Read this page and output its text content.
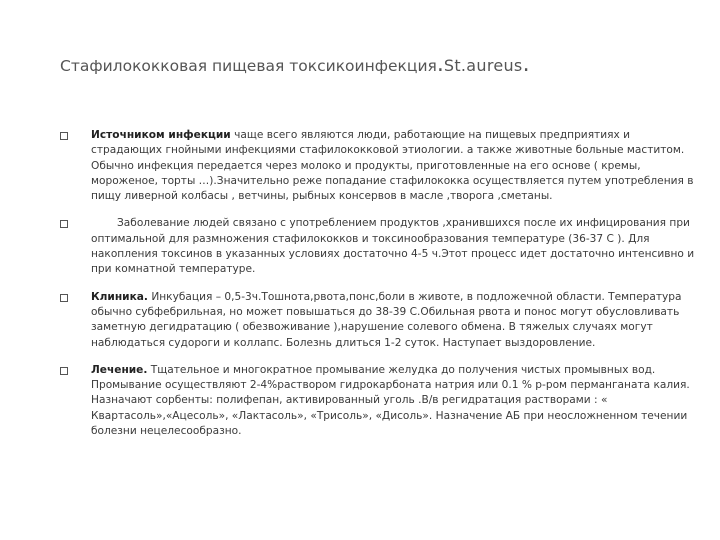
Стафилококковая пищевая токсикоинфекция.St.aureus.
Источником инфекции чаще всего являются люди, работающие на пищевых предприятиях и страдающих гнойными инфекциями стафилококковой этиологии. а также животные больные маститом. Обычно инфекция передается через молоко и продукты, приготовленные на его основе ( кремы, мороженое, торты …).Значительно реже попадание стафилококка осуществляется путем употребления в пищу ливерной колбасы , ветчины, рыбных консервов в масле ,творога ,сметаны.
Заболевание людей связано с употреблением продуктов ,хранившихся после их инфицирования при оптимальной для размножения стафилококков и токсинообразования температуре (36-37 С ). Для накопления токсинов в указанных условиях достаточно 4-5 ч.Этот процесс идет достаточно интенсивно и при комнатной температуре.
Клиника. Инкубация – 0,5-3ч.Тошнота,рвота,понс,боли в животе, в подложечной области. Температура обычно субфебрильная, но может повышаться до 38-39 С.Обильная рвота и понос могут обусловливать заметную дегидратацию ( обезвоживание ),нарушение солевого обмена. В тяжелых случаях могут наблюдаться судороги и коллапс. Болезнь длиться 1-2 суток. Наступает выздоровление.
Лечение. Тщательное и многократное промывание желудка до получения чистых промывных вод. Промывание осуществляют 2-4%раствором гидрокарбоната натрия или 0.1 % р-ром перманганата калия. Назначают сорбенты: полифепан, активированный уголь .В/в регидратация растворами : « Квартасоль»,«Ацесоль», «Лактасоль», «Трисоль», «Дисоль». Назначение АБ при неосложненном течении болезни нецелесообразно.
